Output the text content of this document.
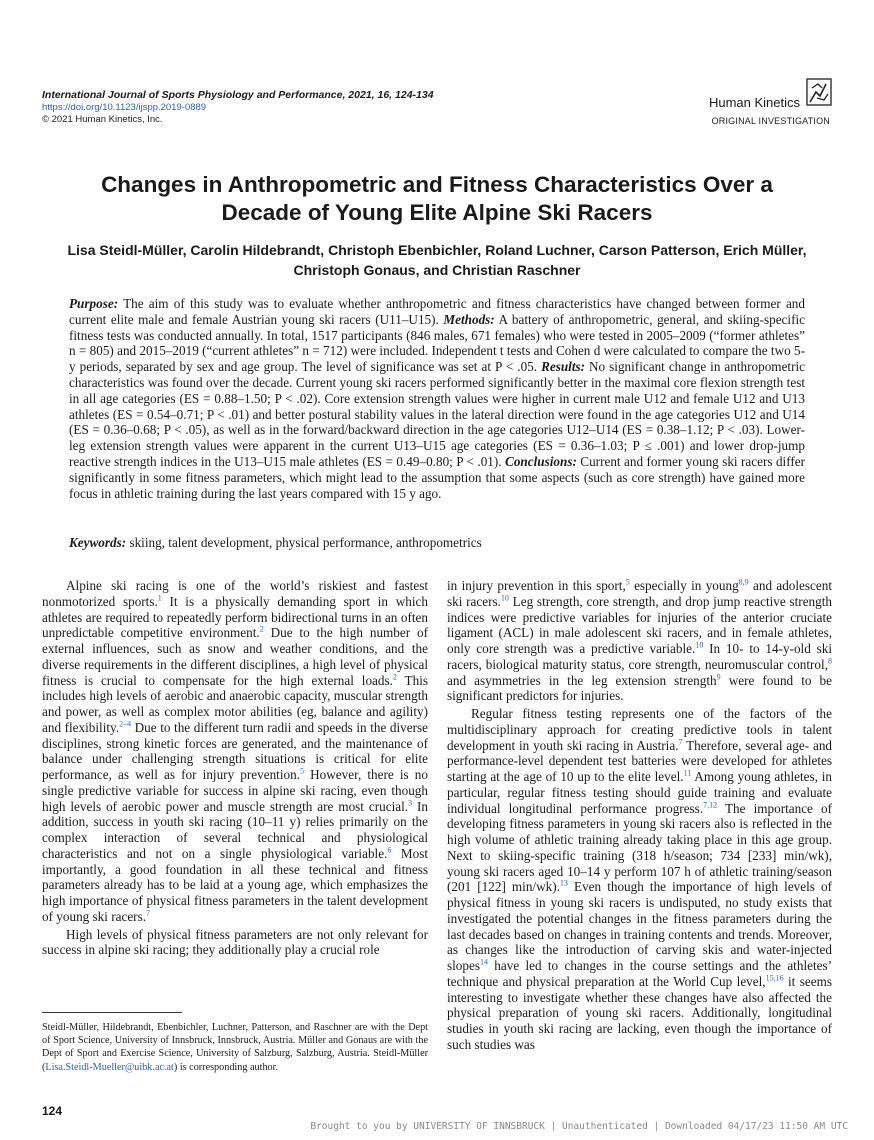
International Journal of Sports Physiology and Performance, 2021, 16, 124-134
https://doi.org/10.1123/ijspp.2019-0889
© 2021 Human Kinetics, Inc.
Human Kinetics
ORIGINAL INVESTIGATION
Changes in Anthropometric and Fitness Characteristics Over a Decade of Young Elite Alpine Ski Racers
Lisa Steidl-Müller, Carolin Hildebrandt, Christoph Ebenbichler, Roland Luchner, Carson Patterson, Erich Müller, Christoph Gonaus, and Christian Raschner
Purpose: The aim of this study was to evaluate whether anthropometric and fitness characteristics have changed between former and current elite male and female Austrian young ski racers (U11–U15). Methods: A battery of anthropometric, general, and skiing-specific fitness tests was conducted annually. In total, 1517 participants (846 males, 671 females) who were tested in 2005–2009 (“former athletes” n = 805) and 2015–2019 (“current athletes” n = 712) were included. Independent t tests and Cohen d were calculated to compare the two 5-y periods, separated by sex and age group. The level of significance was set at P < .05. Results: No significant change in anthropometric characteristics was found over the decade. Current young ski racers performed significantly better in the maximal core flexion strength test in all age categories (ES = 0.88–1.50; P < .02). Core extension strength values were higher in current male U12 and female U12 and U13 athletes (ES = 0.54–0.71; P < .01) and better postural stability values in the lateral direction were found in the age categories U12 and U14 (ES = 0.36–0.68; P < .05), as well as in the forward/backward direction in the age categories U12–U14 (ES = 0.38–1.12; P < .03). Lower-leg extension strength values were apparent in the current U13–U15 age categories (ES = 0.36–1.03; P ≤ .001) and lower drop-jump reactive strength indices in the U13–U15 male athletes (ES = 0.49–0.80; P < .01). Conclusions: Current and former young ski racers differ significantly in some fitness parameters, which might lead to the assumption that some aspects (such as core strength) have gained more focus in athletic training during the last years compared with 15 y ago.
Keywords: skiing, talent development, physical performance, anthropometrics

Alpine ski racing is one of the world’s riskiest and fastest nonmotorized sports.$^1$ It is a physically demanding sport in which athletes are required to repeatedly perform bidirectional turns in an often unpredictable competitive environment.$^2$ Due to the high number of external influences, such as snow and weather conditions, and the diverse requirements in the different disciplines, a high level of physical fitness is crucial to compensate for the high external loads.$^2$ This includes high levels of aerobic and anaerobic capacity, muscular strength and power, as well as complex motor abilities (eg, balance and agility) and flexibility.$^{2-4}$ Due to the different turn radii and speeds in the diverse disciplines, strong kinetic forces are generated, and the maintenance of balance under challenging strength situations is critical for elite performance, as well as for injury prevention.$^5$ However, there is no single predictive variable for success in alpine ski racing, even though high levels of aerobic power and muscle strength are most crucial.$^3$ In addition, success in youth ski racing (10–11 y) relies primarily on the complex interaction of several technical and physiological characteristics and not on a single physiological variable.$^6$ Most importantly, a good foundation in all these technical and fitness parameters already has to be laid at a young age, which emphasizes the high importance of physical fitness parameters in the talent development of young ski racers.$^7$

High levels of physical fitness parameters are not only relevant for success in alpine ski racing; they additionally play a crucial role

in injury prevention in this sport,$^5$ especially in young$^{8,9}$ and adolescent ski racers.$^{10}$ Leg strength, core strength, and drop jump reactive strength indices were predictive variables for injuries of the anterior cruciate ligament (ACL) in male adolescent ski racers, and in female athletes, only core strength was a predictive variable.$^{10}$ In 10- to 14-y-old ski racers, biological maturity status, core strength, neuromuscular control,$^8$ and asymmetries in the leg extension strength$^9$ were found to be significant predictors for injuries.

Regular fitness testing represents one of the factors of the multidisciplinary approach for creating predictive tools in talent development in youth ski racing in Austria.$^7$ Therefore, several age- and performance-level dependent test batteries were developed for athletes starting at the age of 10 up to the elite level.$^{11}$ Among young athletes, in particular, regular fitness testing should guide training and evaluate individual longitudinal performance progress.$^{7,12}$ The importance of developing fitness parameters in young ski racers also is reflected in the high volume of athletic training already taking place in this age group. Next to skiing-specific training (318 h/season; 734 [233] min/wk), young ski racers aged 10–14 y perform 107 h of athletic training/season (201 [122] min/wk).$^{13}$ Even though the importance of high levels of physical fitness in young ski racers is undisputed, no study exists that investigated the potential changes in the fitness parameters during the last decades based on changes in training contents and trends. Moreover, as changes like the introduction of carving skis and water-injected slopes$^{14}$ have led to changes in the course settings and the athletes’ technique and physical preparation at the World Cup level,$^{15,16}$ it seems interesting to investigate whether these changes have also affected the physical preparation of young ski racers. Additionally, longitudinal studies in youth ski racing are lacking, even though the importance of such studies was

Steidl-Müller, Hildebrandt, Ebenbichler, Luchner, Patterson, and Raschner are with the Dept of Sport Science, University of Innsbruck, Innsbruck, Austria. Müller and Gonaus are with the Dept of Sport and Exercise Science, University of Salzburg, Salzburg, Austria. Steidl-Müller (Lisa.Steidl-Mueller@uibk.ac.at) is corresponding author.
124
Brought to you by UNIVERSITY OF INNSBRUCK | Unauthenticated | Downloaded 04/17/23 11:50 AM UTC
